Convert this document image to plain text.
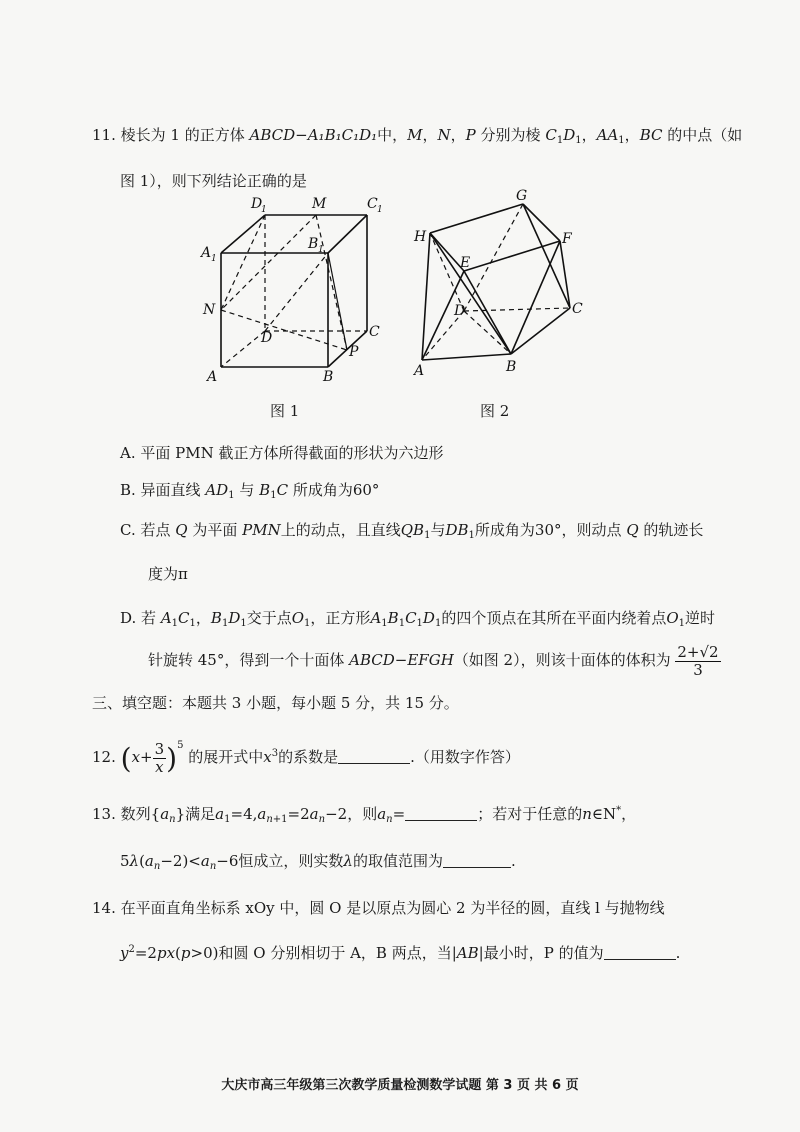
11. 棱长为 1 的正方体 ABCD−A₁B₁C₁D₁中，M，N，P 分别为棱 $C_1D_1$，$AA_1$，BC 的中点（如
图 1），则下列结论正确的是
D
1	M	C 1
A 1
B 1
N
D	C
P
A	B
G
H	F
E
D	C
A	B
图 1	图 2
A. 平面 PMN 截正方体所得截面的形状为六边形
B. 异面直线 $AD_1$ 与 $B_1C$ 所成角为60°
C. 若点 Q 为平面 PMN上的动点，且直线$QB_1$与$DB_1$所成角为30°，则动点 Q 的轨迹长
度为π
D. 若 $A_1C_1$，$B_1D_1$交于点$O_1$，正方形$A_1B_1C_1D_1$的四个顶点在其所在平面内绕着点$O_1$逆时
针旋转 45°，得到一个十面体 ABCD−EFGH（如图 2），则该十面体的体积为 $\frac{2+√2}{3}$
三、填空题：本题共 3 小题，每小题 5 分，共 15 分。
12. $(x+ \frac{3}{x} )^5$ 的展开式中$x^3$的系数是	.（用数字作答）
13. 数列$\{a_n\}$满足$a_1=4,a_{n+1}=2a_n-2$，则$a_n=$	；若对于任意的n∈N*，
$5\lambda(a_n-2)<a_n-6$恒成立，则实数λ的取值范围为	.
14. 在平面直角坐标系 xOy 中，圆 O 是以原点为圆心 2 为半径的圆，直线 l 与抛物线
$y^2=2px(p>0)$和圆 O 分别相切于 A，B 两点，当|AB|最小时，P 的值为	.
大庆市高三年级第三次教学质量检测数学试题 第 3 页 共 6 页
